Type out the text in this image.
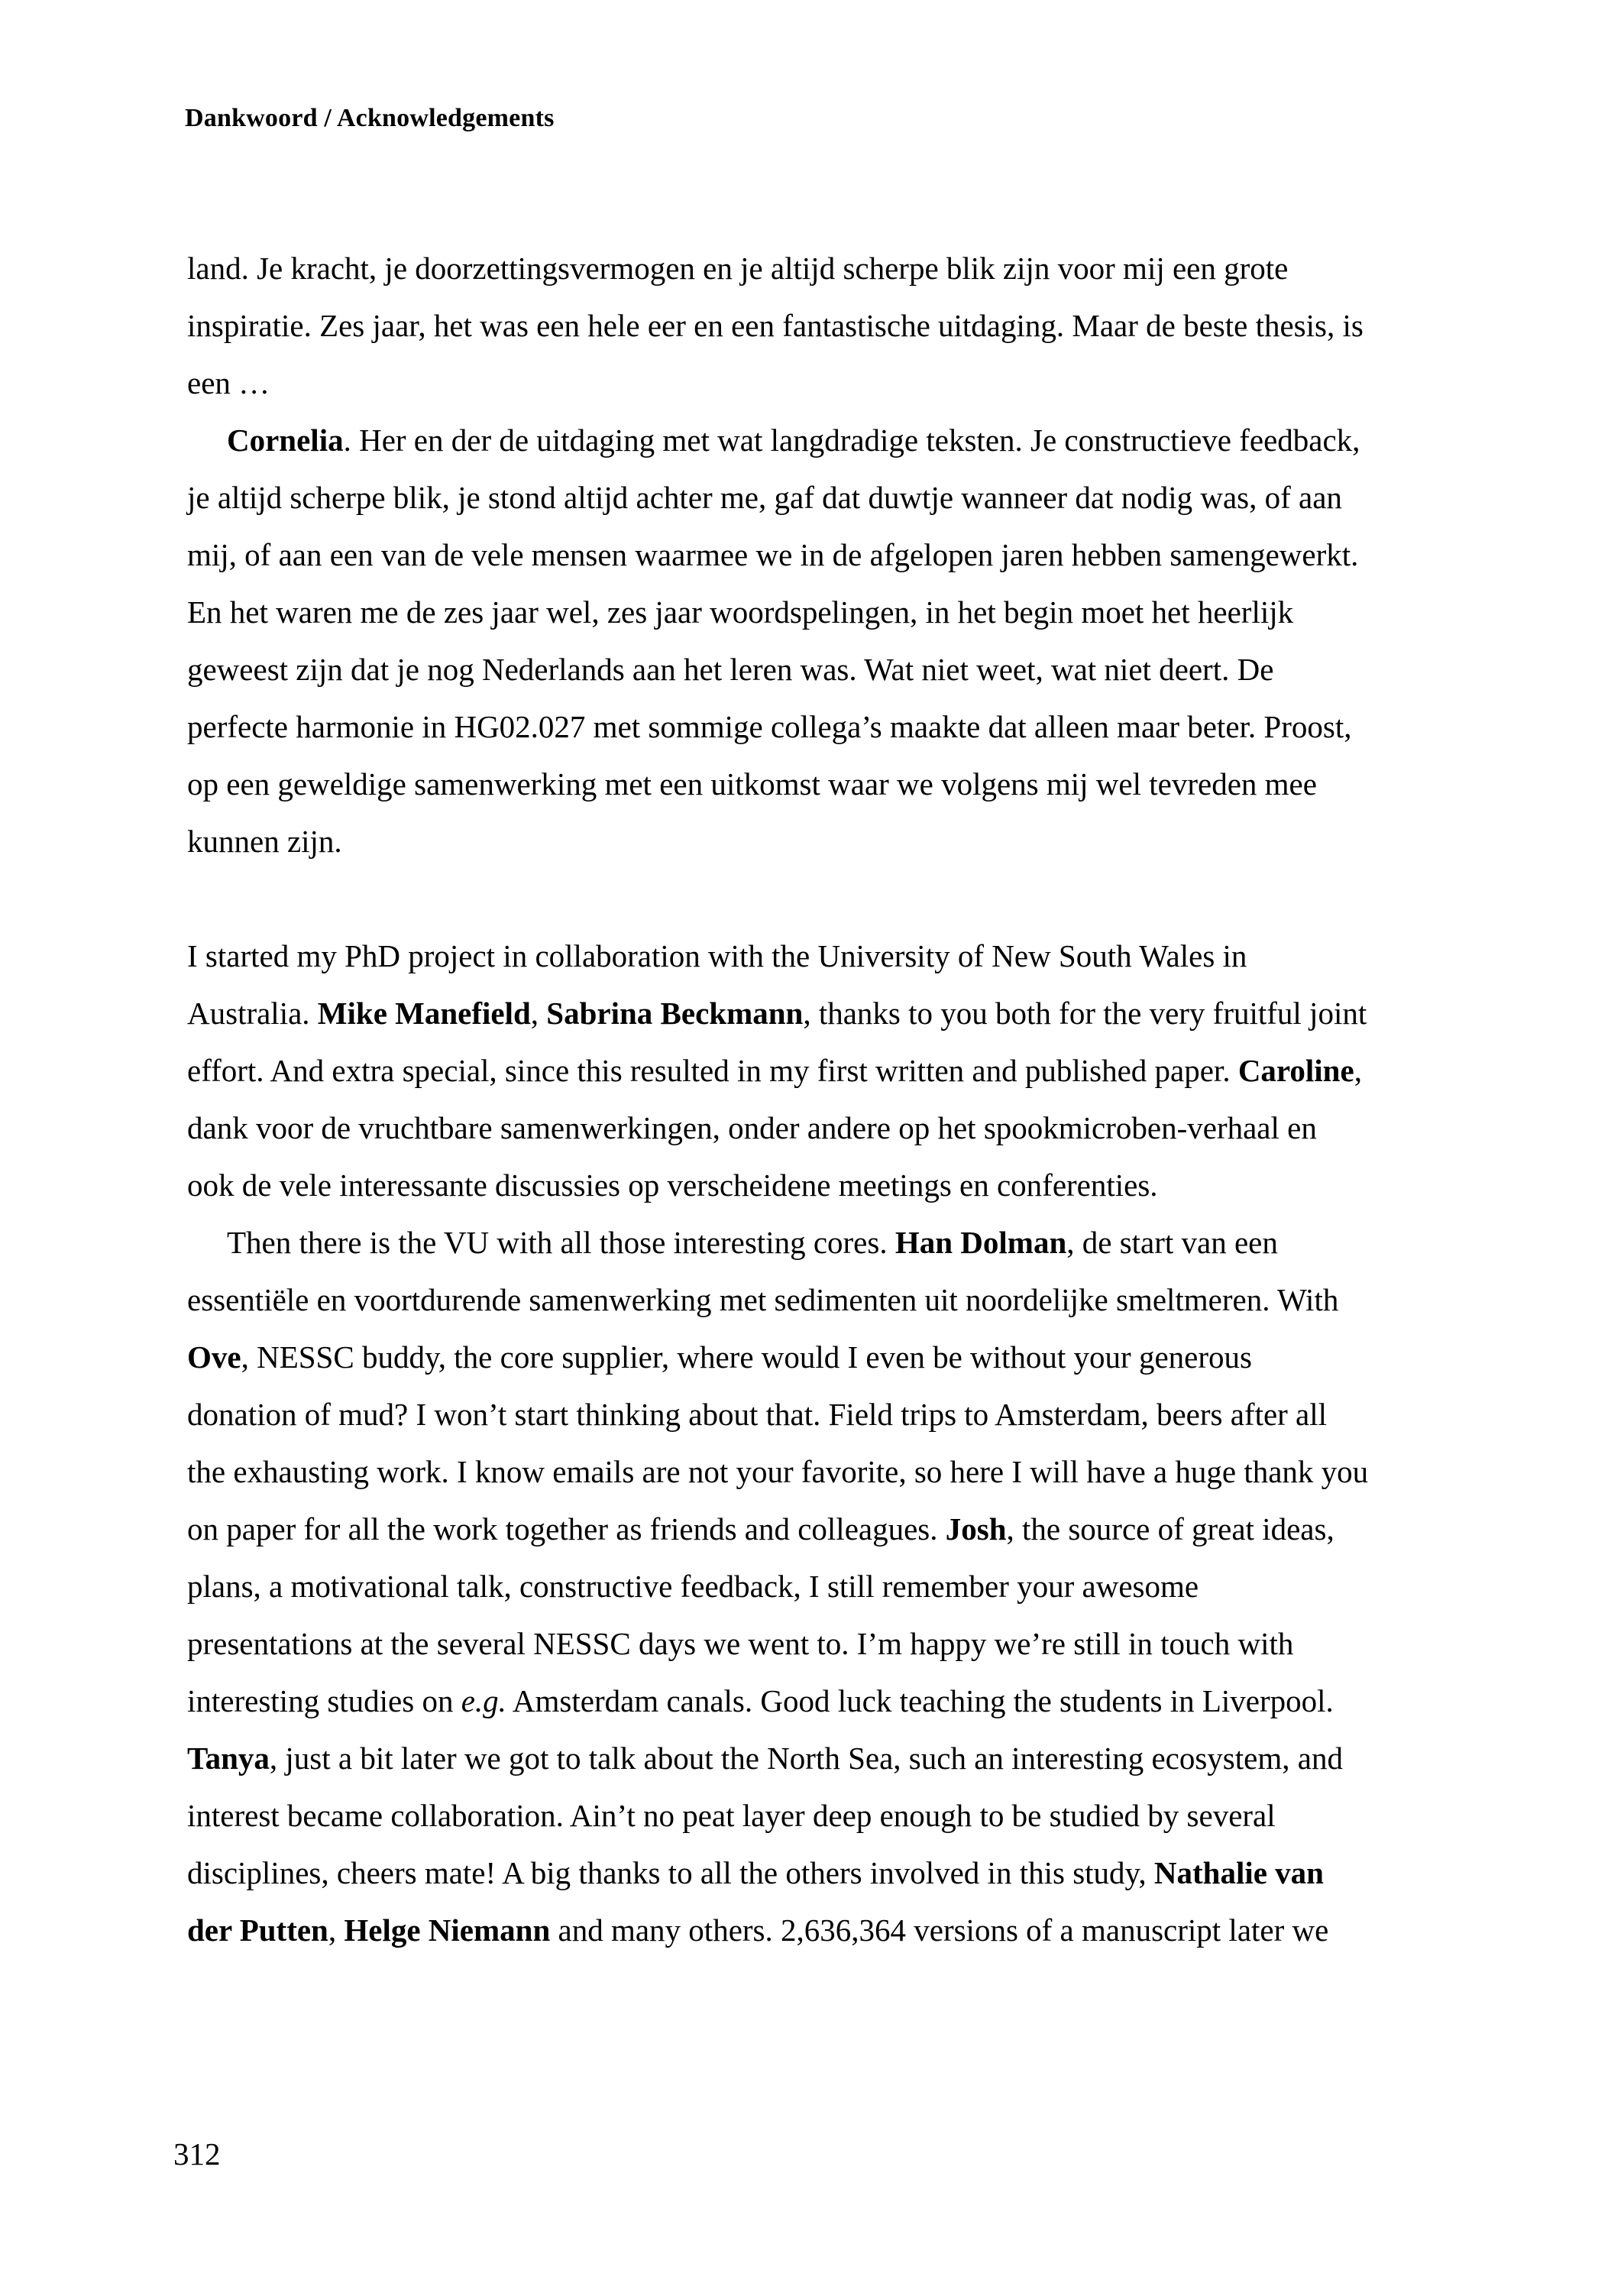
Dankwoord / Acknowledgements
land. Je kracht, je doorzettingsvermogen en je altijd scherpe blik zijn voor mij een grote
inspiratie. Zes jaar, het was een hele eer en een fantastische uitdaging. Maar de beste thesis, is
een …
Cornelia. Her en der de uitdaging met wat langdradige teksten. Je constructieve feedback,
je altijd scherpe blik, je stond altijd achter me, gaf dat duwtje wanneer dat nodig was, of aan
mij, of aan een van de vele mensen waarmee we in de afgelopen jaren hebben samengewerkt.
En het waren me de zes jaar wel, zes jaar woordspelingen, in het begin moet het heerlijk
geweest zijn dat je nog Nederlands aan het leren was. Wat niet weet, wat niet deert. De
perfecte harmonie in HG02.027 met sommige collega’s maakte dat alleen maar beter. Proost,
op een geweldige samenwerking met een uitkomst waar we volgens mij wel tevreden mee
kunnen zijn.
I started my PhD project in collaboration with the University of New South Wales in
Australia. Mike Manefield, Sabrina Beckmann, thanks to you both for the very fruitful joint
effort. And extra special, since this resulted in my first written and published paper. Caroline,
dank voor de vruchtbare samenwerkingen, onder andere op het spookmicroben-verhaal en
ook de vele interessante discussies op verscheidene meetings en conferenties.
Then there is the VU with all those interesting cores. Han Dolman, de start van een
essentiële en voortdurende samenwerking met sedimenten uit noordelijke smeltmeren. With
Ove, NESSC buddy, the core supplier, where would I even be without your generous
donation of mud? I won’t start thinking about that. Field trips to Amsterdam, beers after all
the exhausting work. I know emails are not your favorite, so here I will have a huge thank you
on paper for all the work together as friends and colleagues. Josh, the source of great ideas,
plans, a motivational talk, constructive feedback, I still remember your awesome
presentations at the several NESSC days we went to. I’m happy we’re still in touch with
interesting studies on e.g. Amsterdam canals. Good luck teaching the students in Liverpool.
Tanya, just a bit later we got to talk about the North Sea, such an interesting ecosystem, and
interest became collaboration. Ain’t no peat layer deep enough to be studied by several
disciplines, cheers mate! A big thanks to all the others involved in this study, Nathalie van
der Putten, Helge Niemann and many others. 2,636,364 versions of a manuscript later we
312
